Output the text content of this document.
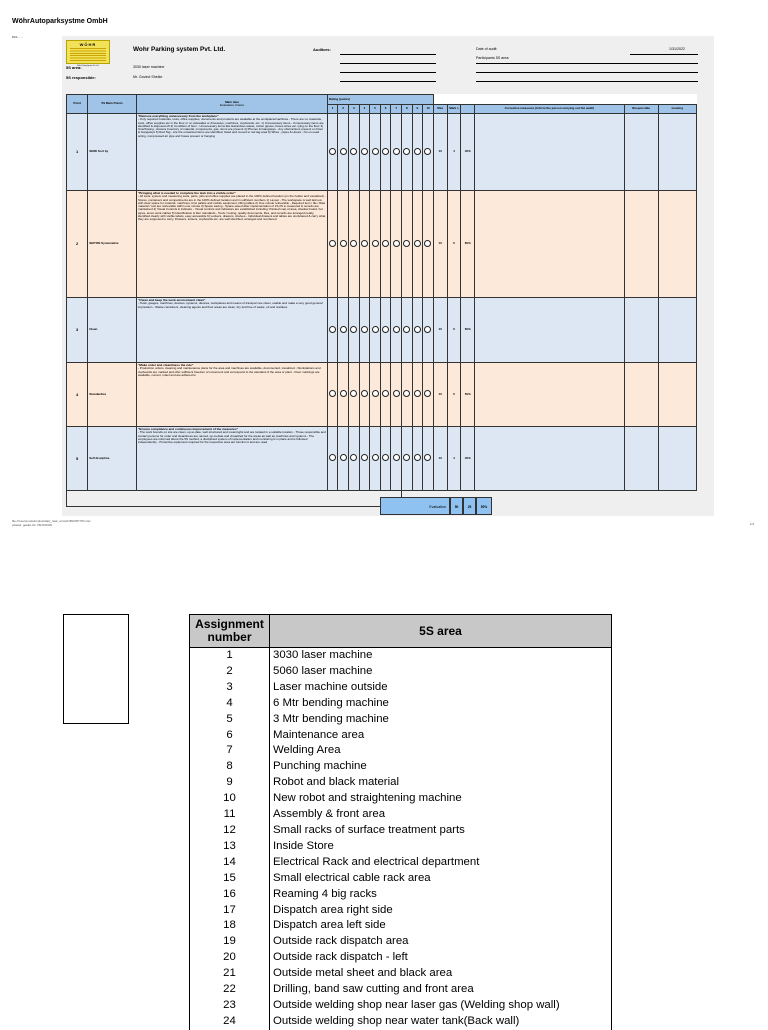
WöhrAutoparksystme OmbH
Print ... ...
WÖHR
Wohr Parking System Pvt. Ltd.
Wohr Parking system Pvt. Ltd.
5S area:	3030 laser machine
5S responsible:	Mr. Govind Shelke
Auditors:	Date of audit:	1/31/2022
Participants 5S area:
Point	5S Main Points	Main idea
Evaluation criteria	Rating (points)															
			1	2	3	4	5	6	7	8	9	10	Max	Mark s		Corrective measures (Inform the person carrying out the audit)	Responsible	meeting
1	SEIRI Sort by	"Remove everything unnecessary from the workplace"
- Only required materials, tools, office supplies, documents and products are available at the workplace/machines - There are no materials, tools, office supplies etc in the floor or on sidewalks or driveways, machines, cupboards, etc. 1) Unnecessary items - Unnecessary items are identified & disposed off 2) Condition of floor - Unnecessary items like Hazardous waste, cotton gloves, boxes wires etc. lying on the floor 3) Overflowing - Excess inventory of material, components, gas, items are present 4) Phones & Gangways - Any obstructions present on Floor & Gangways 5) Red Tag - Are the unwanted items are identified, listed and moved to red tag area 6) Wires , pipes & Hoses - No un-used wiring, compressed air pipe and hoses present or hanging											10	4	40%			
2	SEITON Systematize	"Bringing what is needed to complete the task into a visible order"
- All tools, system and measuring tools, parts, jobs and office supplies are placed in the 100% defined location (on the holder and visualized) - Stores, containers and compartments are in the 100% defined location and in sufficient numbers 1) Layout - The workspace is well laid out, with clear space for material, machines, bins pallets and mobile equipment, lifting tables 2) One minute retrievable - Required item / file / Raw material / tool are retrievable within one minute 3) Space saving - Space saved after implementation of 1S,2S is measured & records are maintained 4) Visual Controls & Indicator - Visual controls and indicators are established including: Painted map of area, shadow board, hot pipes, amen work cables 5) Identification & Ref. standards - Tools / tooling, quality documents, files, and records are arranged neatly, identified clearly with visible labels, easy accessible 6) Lockers, drawers, shelves - Individual drawers and tables are uncluttered & carry what they are supposed to carry, Drawers, lockers, cupboards etc. are well identified, arranged and numbered											10	6	60%			
3	Clean	"Clean and keep the work environment clean"
- Tools, gauges, machines, devices, systems, devices, workplaces and means of transport are clean, usable and make a very good general impression - Waste containers, cleaning agents and floor areas are clean, dry and free of waste, oil and residues											10	6	60%			
4	Standardize	"Make order and cleanliness the rule"
- Production orders, cleaning and maintenance plans for the area and machines are available, documented, visualized - Workstations and cupboards are marked and offer sufficient freedom of movement and correspond to the standard of the area or plant - Floor markings are available, current, intact and are adhered to											10	5	50%			
5	Self discipline	"Ensure compliance and continuous improvement of the measures"
- The work bounds on site are clean, up-to-date, well structured and meaningful and are located in a suitable location - Those responsible and contact persons for order and cleanliness are named, up-to-date and visualized for the areas as well as machines and systems - The employees are informed about the 5S method, a disciplined system of implementation and monitoring is in place and is followed independently - Protective equipment required for the respective area are function it and are used											10	4	40%			

Evaluation	50	25	50%
file:///usersmodulimplus/daily_task_scratch/862057753.xlsx
pdated: geaka.xls: 08/10/2020	1/3
Assignment
number	5S area
1	3030 laser machine
2	5060 laser machine
3	Laser machine outside
4	6 Mtr bending machine
5	3 Mtr bending machine
6	Maintenance area
7	Welding Area
8	Punching machine
9	Robot and black material
10	New robot and straightening machine
11	Assembly & front area
12	Small racks of surface treatment parts
13	Inside Store
14	Electrical Rack and electrical department
15	Small electrical cable rack area
16	Reaming 4 big racks
17	Dispatch area right side
18	Dispatch area left side
19	Outside rack dispatch area
20	Outside rack dispatch - left
21	Outside metal sheet and black area
22	Drilling, band saw cutting and front area
23	Outside welding shop near laser gas (Welding shop wall)
24	Outside welding shop near water tank(Back wall)
